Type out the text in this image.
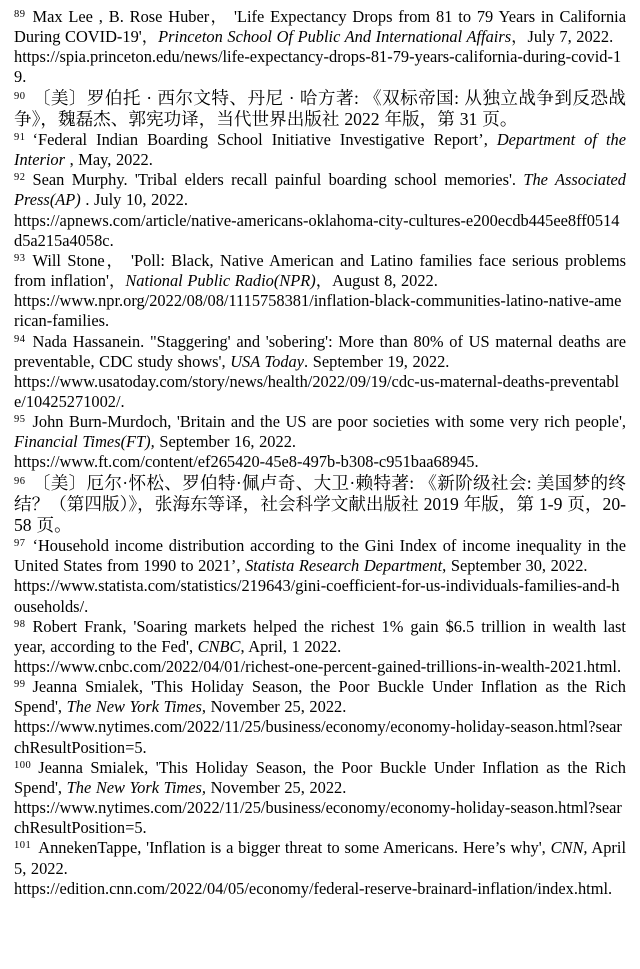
$^{89}$ Max Lee , B. Rose Huber， 'Life Expectancy Drops from 81 to 79 Years in California During COVID-19'，Princeton School Of Public And International Affairs，July 7, 2022.
https://spia.princeton.edu/news/life-expectancy-drops-81-79-years-california-during-covid-19.

$^{90}$ 〔美〕罗伯托 · 西尔文特、丹尼 · 哈方著: 《双标帝国: 从独立战争到反恐战争》，魏磊杰、郭宪功译，当代世界出版社 2022 年版，第 31 页。

$^{91}$ ‘Federal Indian Boarding School Initiative Investigative Report’, Department of the Interior , May, 2022.

$^{92}$ Sean Murphy. 'Tribal elders recall painful boarding school memories'. The Associated Press(AP) . July 10, 2022.
https://apnews.com/article/native-americans-oklahoma-city-cultures-e200ecdb445ee8ff0514d5a215a4058c.

$^{93}$ Will Stone， 'Poll: Black, Native American and Latino families face serious problems from inflation'，National Public Radio(NPR)，August 8, 2022.
https://www.npr.org/2022/08/08/1115758381/inflation-black-communities-latino-native-american-families.

$^{94}$ Nada Hassanein. "Staggering' and 'sobering': More than 80% of US maternal deaths are preventable, CDC study shows', USA Today. September 19, 2022.
https://www.usatoday.com/story/news/health/2022/09/19/cdc-us-maternal-deaths-preventable/10425271002/.

$^{95}$ John Burn-Murdoch, 'Britain and the US are poor societies with some very rich people', Financial Times(FT), September 16, 2022.
https://www.ft.com/content/ef265420-45e8-497b-b308-c951baa68945.

$^{96}$ 〔美〕厄尔·怀松、罗伯特·佩卢奇、大卫·赖特著: 《新阶级社会: 美国梦的终结？（第四版）》，张海东等译，社会科学文献出版社 2019 年版，第 1-9 页，20-58 页。

$^{97}$ ‘Household income distribution according to the Gini Index of income inequality in the United States from 1990 to 2021’, Statista Research Department, September 30, 2022.
https://www.statista.com/statistics/219643/gini-coefficient-for-us-individuals-families-and-households/.

$^{98}$ Robert Frank, 'Soaring markets helped the richest 1% gain $6.5 trillion in wealth last year, according to the Fed', CNBC, April, 1 2022.
https://www.cnbc.com/2022/04/01/richest-one-percent-gained-trillions-in-wealth-2021.html.

$^{99}$ Jeanna Smialek, 'This Holiday Season, the Poor Buckle Under Inflation as the Rich Spend', The New York Times, November 25, 2022.
https://www.nytimes.com/2022/11/25/business/economy/economy-holiday-season.html?searchResultPosition=5.

$^{100}$ Jeanna Smialek, 'This Holiday Season, the Poor Buckle Under Inflation as the Rich Spend', The New York Times, November 25, 2022.
https://www.nytimes.com/2022/11/25/business/economy/economy-holiday-season.html?searchResultPosition=5.

$^{101}$ AnnekenTappe, 'Inflation is a bigger threat to some Americans. Here’s why', CNN, April 5, 2022.
https://edition.cnn.com/2022/04/05/economy/federal-reserve-brainard-inflation/index.html.
